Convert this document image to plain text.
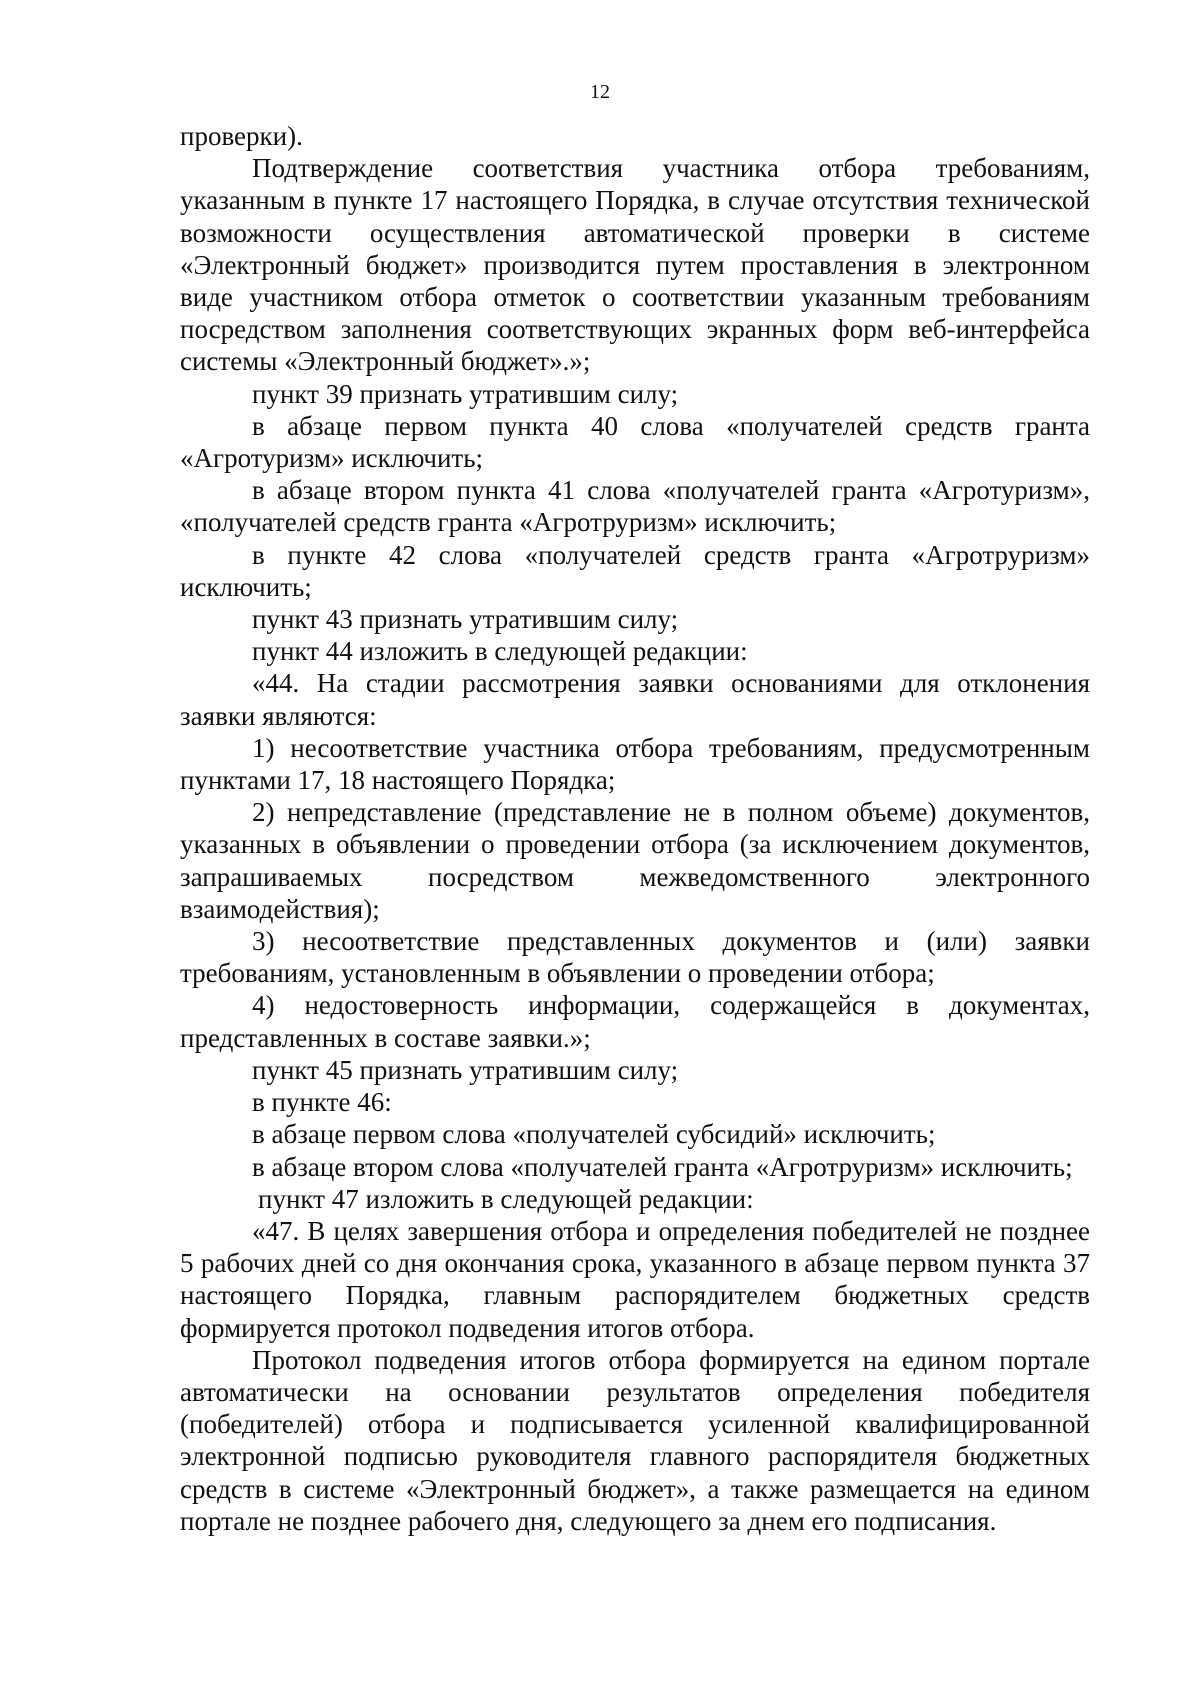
12

проверки).

Подтверждение соответствия участника отбора требованиям, указанным в пункте 17 настоящего Порядка, в случае отсутствия технической возможности осуществления автоматической проверки в системе «Электронный бюджет» производится путем проставления в электронном виде участником отбора отметок о соответствии указанным требованиям посредством заполнения соответствующих экранных форм веб-интерфейса системы «Электронный бюджет».»;

пункт 39 признать утратившим силу;

в абзаце первом пункта 40 слова «получателей средств гранта «Агротуризм» исключить;

в абзаце втором пункта 41 слова «получателей гранта «Агротуризм», «получателей средств гранта «Агротруризм» исключить;

в пункте 42 слова «получателей средств гранта «Агротруризм» исключить;

пункт 43 признать утратившим силу;

пункт 44 изложить в следующей редакции:

«44. На стадии рассмотрения заявки основаниями для отклонения заявки являются:

1) несоответствие участника отбора требованиям, предусмотренным пунктами 17, 18 настоящего Порядка;

2) непредставление (представление не в полном объеме) документов, указанных в объявлении о проведении отбора (за исключением документов, запрашиваемых посредством межведомственного электронного взаимодействия);

3) несоответствие представленных документов и (или) заявки требованиям, установленным в объявлении о проведении отбора;

4) недостоверность информации, содержащейся в документах, представленных в составе заявки.»;

пункт 45 признать утратившим силу;

в пункте 46:

в абзаце первом слова «получателей субсидий» исключить;

в абзаце втором слова «получателей гранта «Агротруризм» исключить;

пункт 47 изложить в следующей редакции:

«47. В целях завершения отбора и определения победителей не позднее 5 рабочих дней со дня окончания срока, указанного в абзаце первом пункта 37 настоящего Порядка, главным распорядителем бюджетных средств формируется протокол подведения итогов отбора.

Протокол подведения итогов отбора формируется на едином портале автоматически на основании результатов определения победителя (победителей) отбора и подписывается усиленной квалифицированной электронной подписью руководителя главного распорядителя бюджетных средств в системе «Электронный бюджет», а также размещается на едином портале не позднее рабочего дня, следующего за днем его подписания.
